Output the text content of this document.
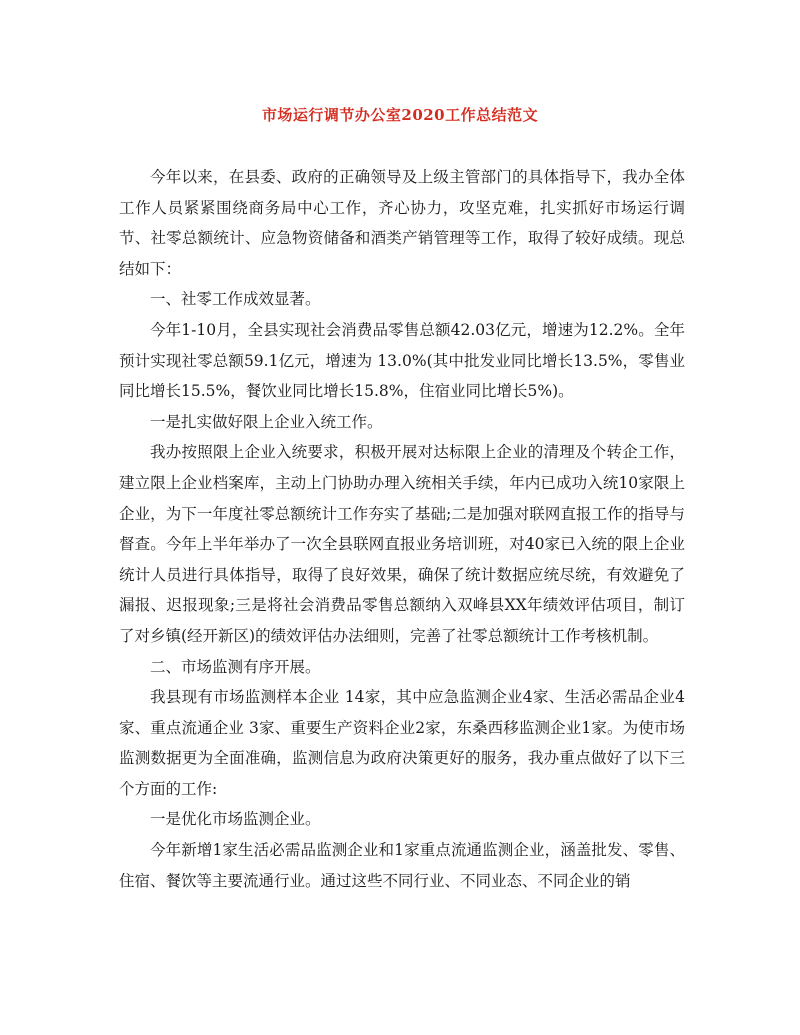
市场运行调节办公室2020工作总结范文

今年以来，在县委、政府的正确领导及上级主管部门的具体指导下，我办全体工作人员紧紧围绕商务局中心工作，齐心协力，攻坚克难，扎实抓好市场运行调节、社零总额统计、应急物资储备和酒类产销管理等工作，取得了较好成绩。现总结如下：

一、社零工作成效显著。

今年1-10月，全县实现社会消费品零售总额42.03亿元，增速为12.2%。全年预计实现社零总额59.1亿元，增速为 13.0%(其中批发业同比增长13.5%，零售业同比增长15.5%，餐饮业同比增长15.8%，住宿业同比增长5%)。

一是扎实做好限上企业入统工作。

我办按照限上企业入统要求，积极开展对达标限上企业的清理及个转企工作，建立限上企业档案库，主动上门协助办理入统相关手续，年内已成功入统10家限上企业，为下一年度社零总额统计工作夯实了基础;二是加强对联网直报工作的指导与督查。今年上半年举办了一次全县联网直报业务培训班，对40家已入统的限上企业统计人员进行具体指导，取得了良好效果，确保了统计数据应统尽统，有效避免了漏报、迟报现象;三是将社会消费品零售总额纳入双峰县XX年绩效评估项目，制订了对乡镇(经开新区)的绩效评估办法细则，完善了社零总额统计工作考核机制。

二、市场监测有序开展。

我县现有市场监测样本企业 14家，其中应急监测企业4家、生活必需品企业4家、重点流通企业 3家、重要生产资料企业2家，东桑西移监测企业1家。为使市场监测数据更为全面准确，监测信息为政府决策更好的服务，我办重点做好了以下三个方面的工作:

一是优化市场监测企业。

今年新增1家生活必需品监测企业和1家重点流通监测企业，涵盖批发、零售、住宿、餐饮等主要流通行业。通过这些不同行业、不同业态、不同企业的销
